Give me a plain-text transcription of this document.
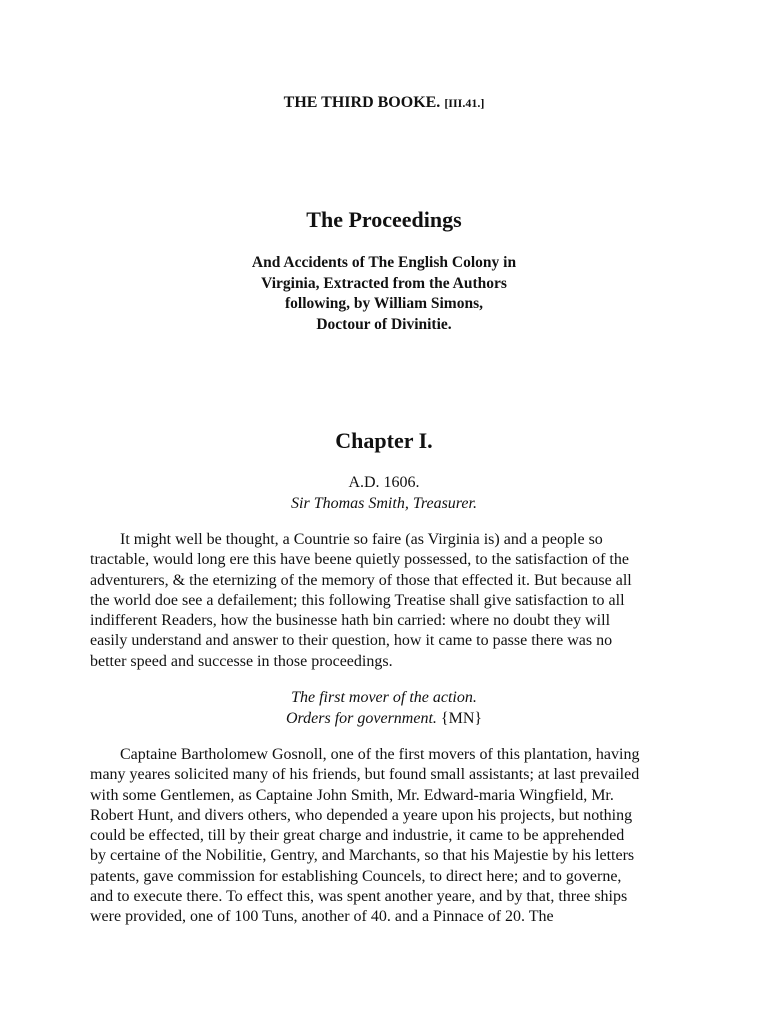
THE THIRD BOOKE. [III.41.]
The Proceedings
And Accidents of The English Colony in
Virginia, Extracted from the Authors
following, by William Simons,
Doctour of Divinitie.
Chapter I.
A.D. 1606.
Sir Thomas Smith, Treasurer.
It might well be thought, a Countrie so faire (as Virginia is) and a people so
tractable, would long ere this have beene quietly possessed, to the satisfaction of the
adventurers, & the eternizing of the memory of those that effected it. But because all
the world doe see a defailement; this following Treatise shall give satisfaction to all
indifferent Readers, how the businesse hath bin carried: where no doubt they will
easily understand and answer to their question, how it came to passe there was no
better speed and successe in those proceedings.
The first mover of the action.
Orders for government. {MN}
Captaine Bartholomew Gosnoll, one of the first movers of this plantation, having
many yeares solicited many of his friends, but found small assistants; at last prevailed
with some Gentlemen, as Captaine John Smith, Mr. Edward-maria Wingfield, Mr.
Robert Hunt, and divers others, who depended a yeare upon his projects, but nothing
could be effected, till by their great charge and industrie, it came to be apprehended
by certaine of the Nobilitie, Gentry, and Marchants, so that his Majestie by his letters
patents, gave commission for establishing Councels, to direct here; and to governe,
and to execute there. To effect this, was spent another yeare, and by that, three ships
were provided, one of 100 Tuns, another of 40. and a Pinnace of 20. The
